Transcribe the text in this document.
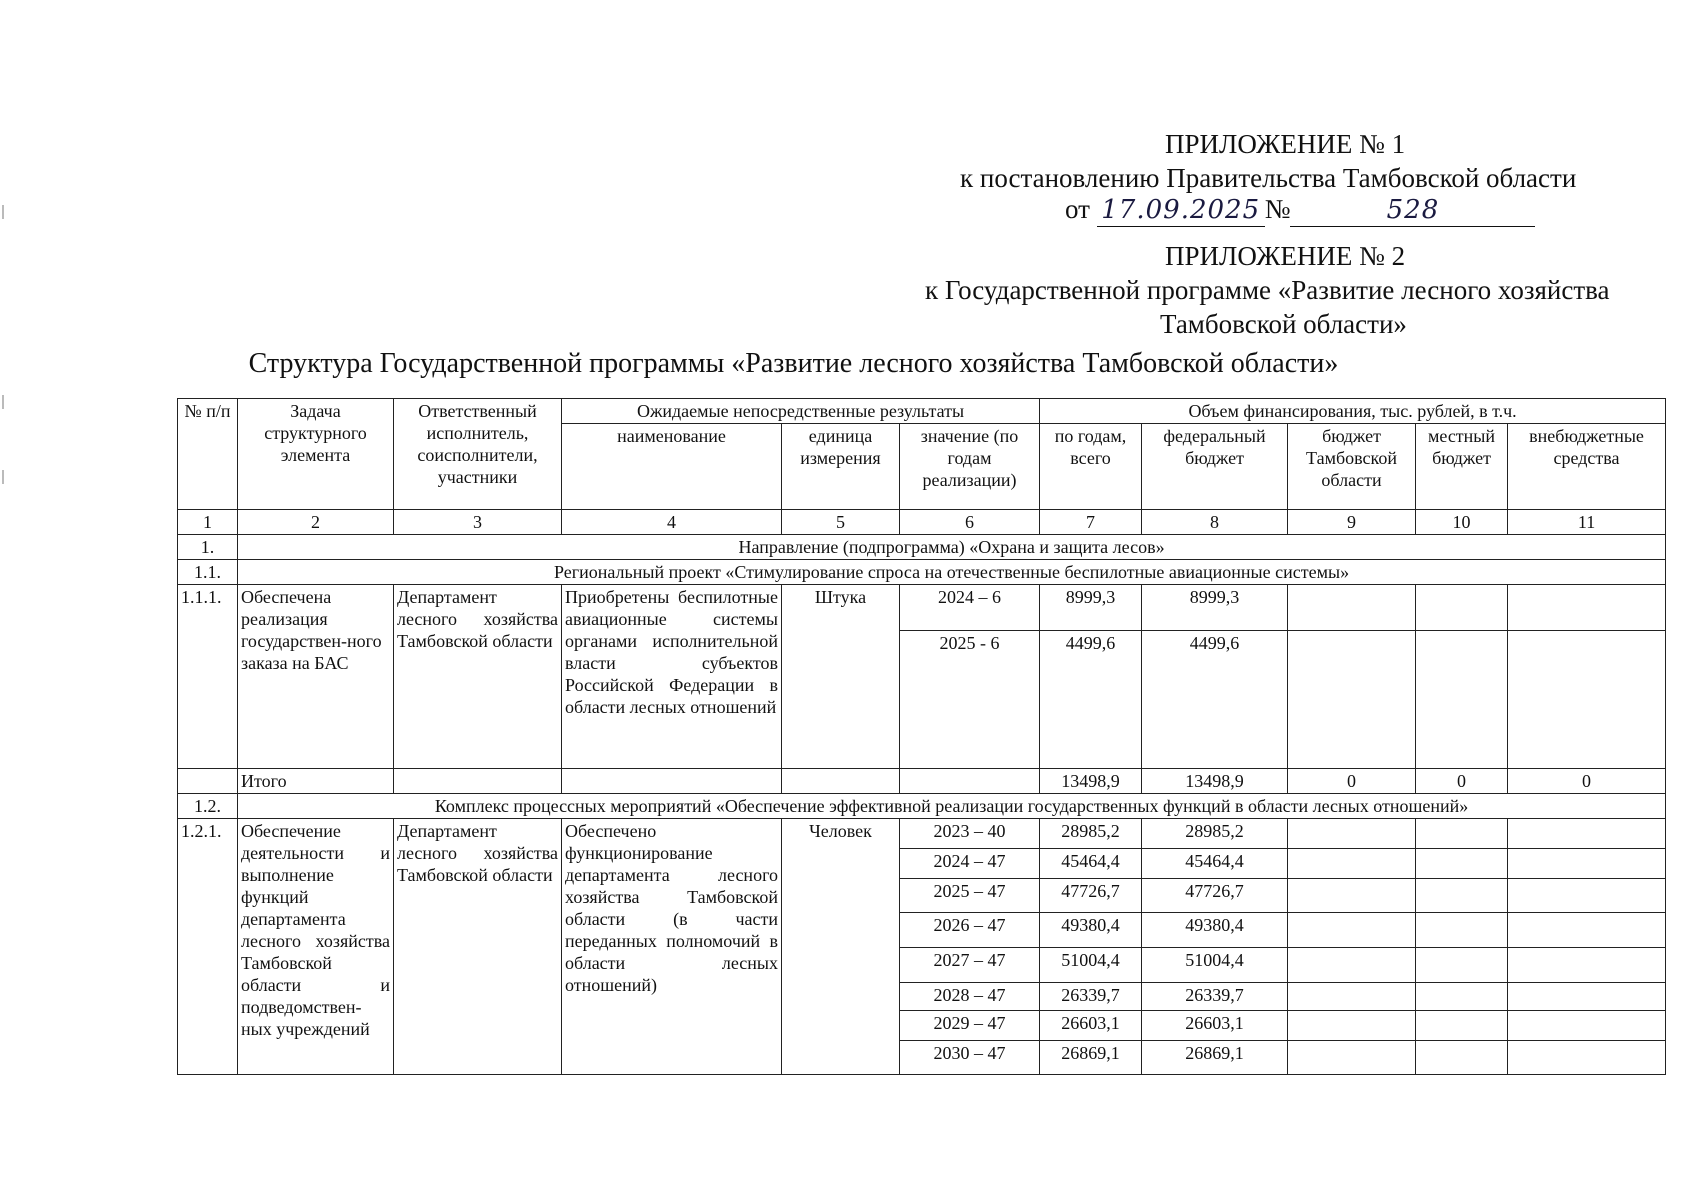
ПРИЛОЖЕНИЕ № 1
к постановлению Правительства Тамбовской области
от 17.09.2025 №	528
ПРИЛОЖЕНИЕ № 2
к Государственной программе «Развитие лесного хозяйства
Тамбовской области»
Структура Государственной программы «Развитие лесного хозяйства Тамбовской области»
№ п/п	Задача структурного элемента	Ответственный исполнитель, соисполнители, участники	Ожидаемые непосредственные результаты			Объем финансирования, тыс. рублей, в т.ч.				
			наименование	единица измерения	значение (по годам реализации)	по годам, всего	федеральный бюджет	бюджет Тамбовской области	местный бюджет	внебюджетные средства
1	2	3	4	5	6	7	8	9	10	11
1.	Направление (подпрограмма) «Охрана и защита лесов»									
1.1.	Региональный проект «Стимулирование спроса на отечественные беспилотные авиационные системы»									
1.1.1.	Обеспечена реализация государствен-ного заказа на БАС	Департамент лесного хозяйства Тамбовской области	Приобретены беспилотные авиационные системы органами исполнительной власти субъектов Российской Федерации в области лесных отношений	Штука	2024 – 6	8999,3	8999,3			
					2025 - 6	4499,6	4499,6			
	Итого					13498,9	13498,9	0	0	0
1.2.	Комплекс процессных мероприятий «Обеспечение эффективной реализации государственных функций в области лесных отношений»									
1.2.1.	Обеспечение деятельности и выполнение функций департамента лесного хозяйства Тамбовской области и подведомствен-ных учреждений	Департамент лесного хозяйства Тамбовской области	Обеспечено функционирование департамента лесного хозяйства Тамбовской области (в части переданных полномочий в области лесных отношений)	Человек	2023 – 40	28985,2	28985,2			
					2024 – 47	45464,4	45464,4			
					2025 – 47	47726,7	47726,7			
					2026 – 47	49380,4	49380,4			
					2027 – 47	51004,4	51004,4			
					2028 – 47	26339,7	26339,7			
					2029 – 47	26603,1	26603,1			
					2030 – 47	26869,1	26869,1			
